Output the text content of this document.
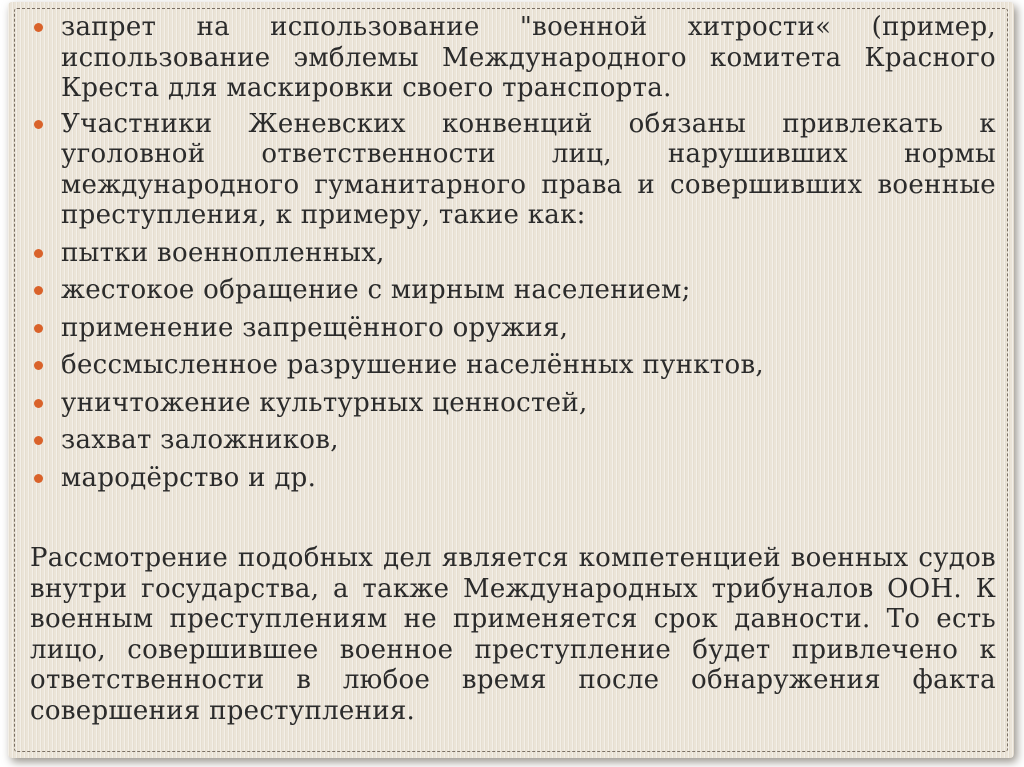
запрет на использование "военной хитрости« (пример, использование эмблемы Международного комитета Красного Креста для маскировки своего транспорта.
Участники Женевских конвенций обязаны привлекать к уголовной ответственности лиц, нарушивших нормы международного гуманитарного права и совершивших военные преступления, к примеру, такие как:
пытки военнопленных,
жестокое обращение с мирным населением;
применение запрещённого оружия,
бессмысленное разрушение населённых пунктов,
уничтожение культурных ценностей,
захват заложников,
мародёрство и др.

Рассмотрение подобных дел является компетенцией военных судов внутри государства, а также Международных трибуналов ООН. К военным преступлениям не применяется срок давности. То есть лицо, совершившее военное преступление будет привлечено к ответственности в любое время после обнаружения факта совершения преступления.
